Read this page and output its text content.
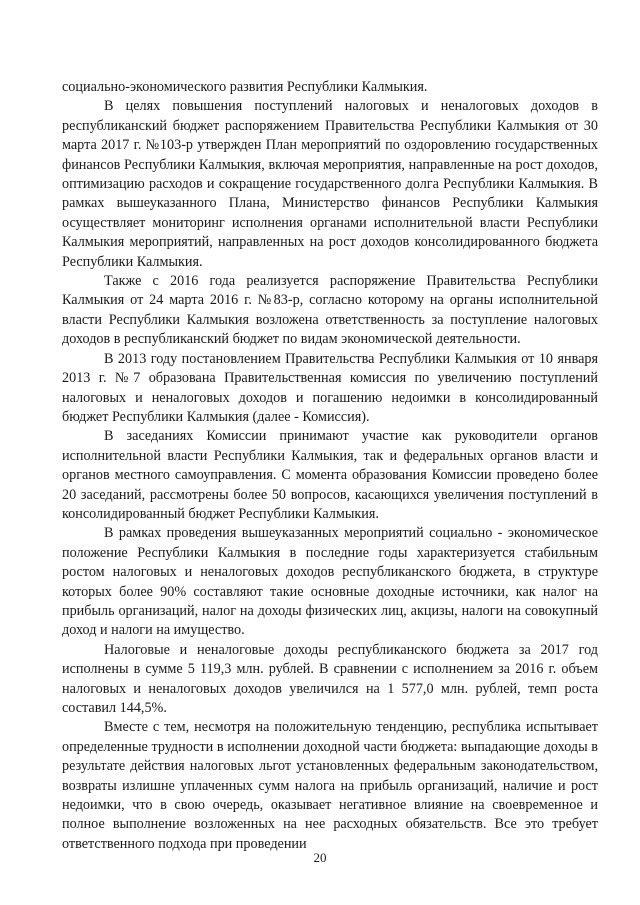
социально-экономического развития Республики Калмыкия.

В целях повышения поступлений налоговых и неналоговых доходов в республиканский бюджет распоряжением Правительства Республики Калмыкия от 30 марта 2017 г. №103-р утвержден План мероприятий по оздоровлению государственных финансов Республики Калмыкия, включая мероприятия, направленные на рост доходов, оптимизацию расходов и сокращение государственного долга Республики Калмыкия. В рамках вышеуказанного Плана, Министерство финансов Республики Калмыкия осуществляет мониторинг исполнения органами исполнительной власти Республики Калмыкия мероприятий, направленных на рост доходов консолидированного бюджета Республики Калмыкия.

Также с 2016 года реализуется распоряжение Правительства Республики Калмыкия от 24 марта 2016 г. №83-р, согласно которому на органы исполнительной власти Республики Калмыкия возложена ответственность за поступление налоговых доходов в республиканский бюджет по видам экономической деятельности.

В 2013 году постановлением Правительства Республики Калмыкия от 10 января 2013 г. №7 образована Правительственная комиссия по увеличению поступлений налоговых и неналоговых доходов и погашению недоимки в консолидированный бюджет Республики Калмыкия (далее - Комиссия).

В заседаниях Комиссии принимают участие как руководители органов исполнительной власти Республики Калмыкия, так и федеральных органов власти и органов местного самоуправления. С момента образования Комиссии проведено более 20 заседаний, рассмотрены более 50 вопросов, касающихся увеличения поступлений в консолидированный бюджет Республики Калмыкия.

В рамках проведения вышеуказанных мероприятий социально - экономическое положение Республики Калмыкия в последние годы характеризуется стабильным ростом налоговых и неналоговых доходов республиканского бюджета, в структуре которых более 90% составляют такие основные доходные источники, как налог на прибыль организаций, налог на доходы физических лиц, акцизы, налоги на совокупный доход и налоги на имущество.

Налоговые и неналоговые доходы республиканского бюджета за 2017 год исполнены в сумме 5 119,3 млн. рублей. В сравнении с исполнением за 2016 г. объем налоговых и неналоговых доходов увеличился на 1 577,0 млн. рублей, темп роста составил 144,5%.

Вместе с тем, несмотря на положительную тенденцию, республика испытывает определенные трудности в исполнении доходной части бюджета: выпадающие доходы в результате действия налоговых льгот установленных федеральным законодательством, возвраты излишне уплаченных сумм налога на прибыль организаций, наличие и рост недоимки, что в свою очередь, оказывает негативное влияние на своевременное и полное выполнение возложенных на нее расходных обязательств. Все это требует ответственного подхода при проведении

20
